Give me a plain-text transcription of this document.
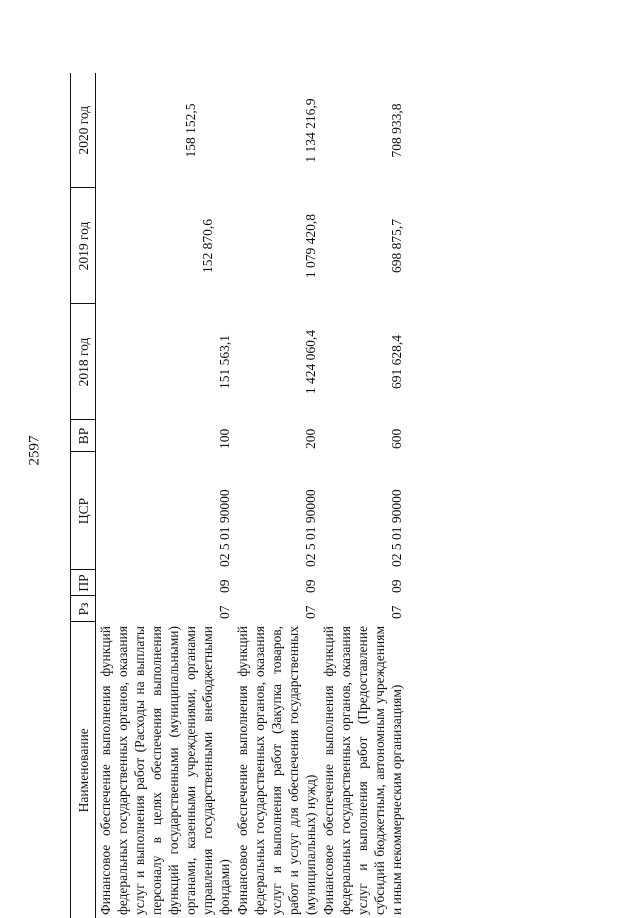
2597
Наименование	Рз	ПР	ЦСР	ВР	2018 год	2019 год	2020 год
Финансовое обеспечение выполнения функций федеральных государственных органов, оказания услуг и выполнения работ (Расходы на выплаты персоналу в целях обеспечения выполнения функций государственными (муниципальными) органами, казенными учреждениями, органами управления государственными внебюджетными фондами)	07	09	02 5 01 90000	100	151 563,1	152 870,6	158 152,5
Финансовое обеспечение выполнения функций федеральных государственных органов, оказания услуг и выполнения работ (Закупка товаров, работ и услуг для обеспечения государственных (муниципальных) нужд)	07	09	02 5 01 90000	200	1 424 060,4	1 079 420,8	1 134 216,9
Финансовое обеспечение выполнения функций федеральных государственных органов, оказания услуг и выполнения работ (Предоставление субсидий бюджетным, автономным учреждениям и иным некоммерческим организациям)	07	09	02 5 01 90000	600	691 628,4	698 875,7	708 933,8
